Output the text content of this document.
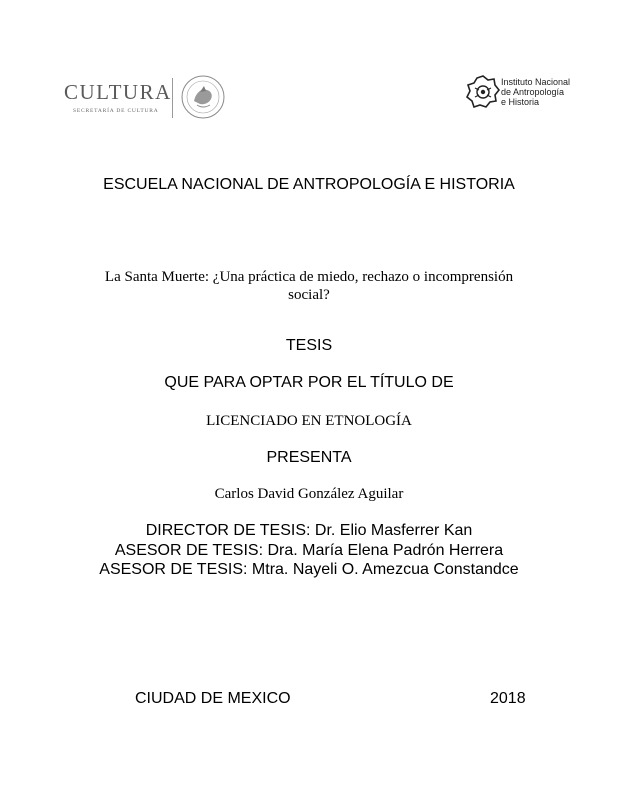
CULTURA
SECRETARÍA DE CULTURA
Instituto Nacional
de Antropología
e Historia
ESCUELA NACIONAL DE ANTROPOLOGÍA E HISTORIA
La Santa Muerte: ¿Una práctica de miedo, rechazo o incomprensión
social?
TESIS
QUE PARA OPTAR POR EL TÍTULO DE
LICENCIADO EN ETNOLOGÍA
PRESENTA
Carlos David González Aguilar
DIRECTOR DE TESIS: Dr. Elio Masferrer Kan
ASESOR DE TESIS: Dra. María Elena Padrón Herrera
ASESOR DE TESIS: Mtra. Nayeli O. Amezcua Constandce
CIUDAD DE MEXICO	2018
